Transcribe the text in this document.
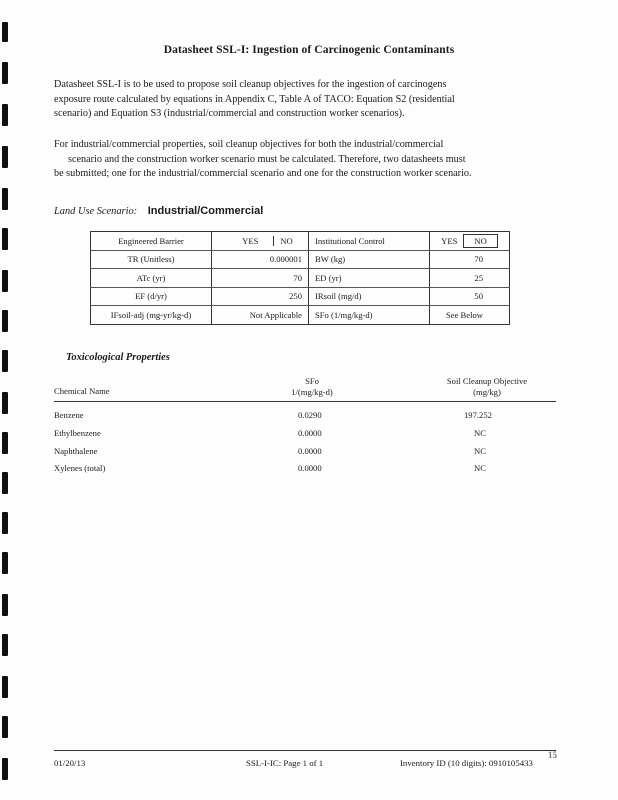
Datasheet SSL-I: Ingestion of Carcinogenic Contaminants
Datasheet SSL-I is to be used to propose soil cleanup objectives for the ingestion of carcinogens
exposure route calculated by equations in Appendix C, Table A of TACO: Equation S2 (residential
scenario) and Equation S3 (industrial/commercial and construction worker scenarios).
For industrial/commercial properties, soil cleanup objectives for both the industrial/commercial
scenario and the construction worker scenario must be calculated. Therefore, two datasheets must
be submitted; one for the industrial/commercial scenario and one for the construction worker scenario.
Land Use Scenario: Industrial/Commercial
Engineered Barrier	YES NO	Institutional Control	YES NO
TR (Unitless)	0.000001	BW (kg)	70
ATc (yr)	70	ED (yr)	25
EF (d/yr)	250	IRsoil (mg/d)	50
IFsoil-adj (mg-yr/kg-d)	Not Applicable	SFo (1/mg/kg-d)	See Below
Toxicological Properties
Chemical Name
SFo
1/(mg/kg-d)
Soil Cleanup Objective
(mg/kg)
Benzene	0.0290	197.252
Ethylbenzene	0.0000	NC
Naphthalene	0.0000	NC
Xylenes (total)	0.0000	NC
01/20/13	SSL-I-IC: Page 1 of 1	Inventory ID (10 digits): 0910105433
15
